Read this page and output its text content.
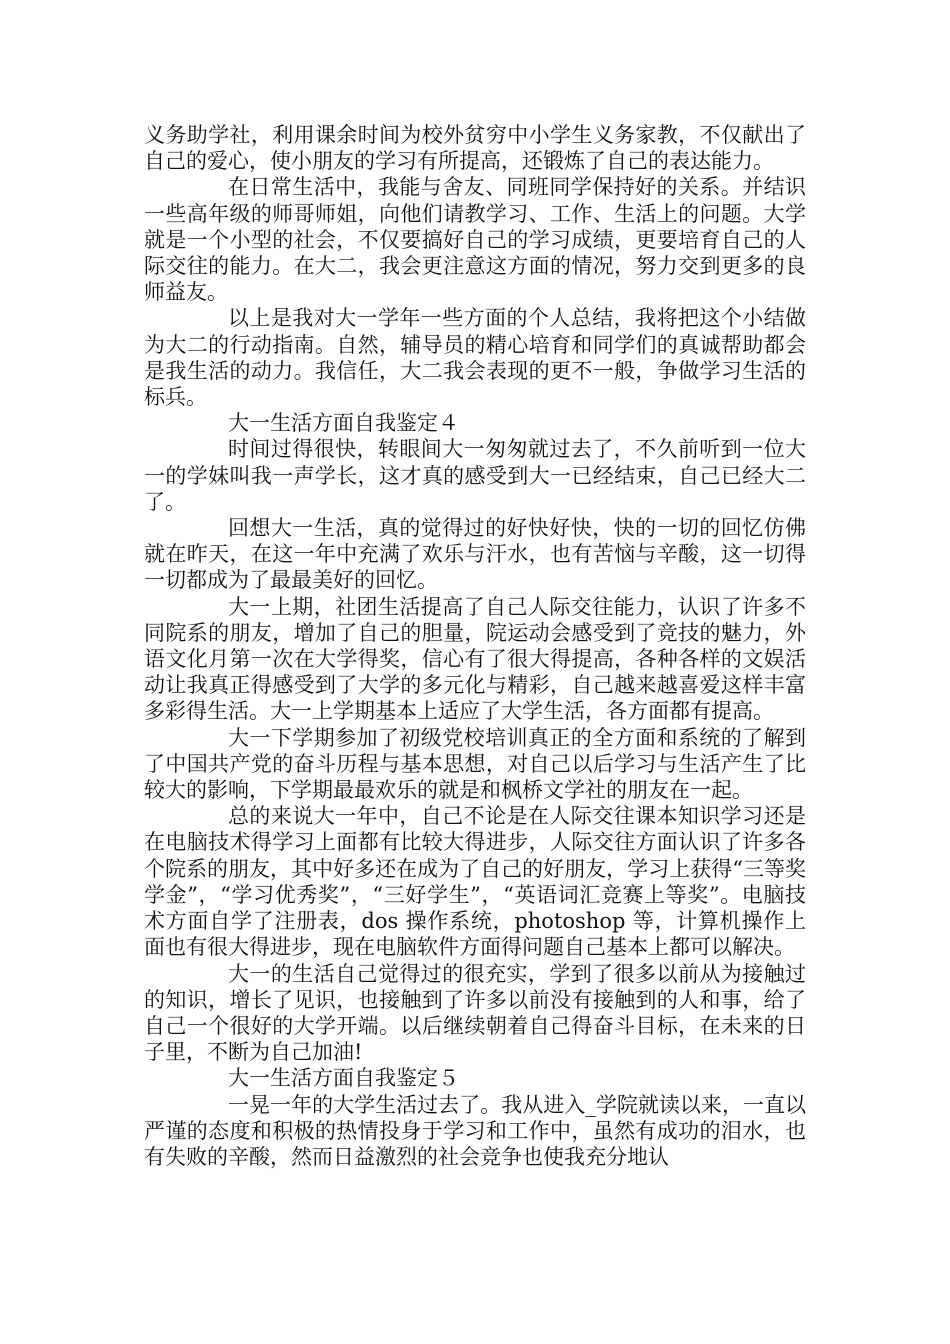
义务助学社，利用课余时间为校外贫穷中小学生义务家教，不仅献出了自己的爱心，使小朋友的学习有所提高，还锻炼了自己的表达能力。

在日常生活中，我能与舍友、同班同学保持好的关系。并结识一些高年级的师哥师姐，向他们请教学习、工作、生活上的问题。大学就是一个小型的社会，不仅要搞好自己的学习成绩，更要培育自己的人际交往的能力。在大二，我会更注意这方面的情况，努力交到更多的良师益友。

以上是我对大一学年一些方面的个人总结，我将把这个小结做为大二的行动指南。自然，辅导员的精心培育和同学们的真诚帮助都会是我生活的动力。我信任，大二我会表现的更不一般，争做学习生活的标兵。

大一生活方面自我鉴定４

时间过得很快，转眼间大一匆匆就过去了，不久前听到一位大一的学妹叫我一声学长，这才真的感受到大一已经结束，自己已经大二了。

回想大一生活，真的觉得过的好快好快，快的一切的回忆仿佛就在昨天，在这一年中充满了欢乐与汗水，也有苦恼与辛酸，这一切得一切都成为了最最美好的回忆。

大一上期，社团生活提高了自己人际交往能力，认识了许多不同院系的朋友，增加了自己的胆量，院运动会感受到了竞技的魅力，外语文化月第一次在大学得奖，信心有了很大得提高，各种各样的文娱活动让我真正得感受到了大学的多元化与精彩，自己越来越喜爱这样丰富多彩得生活。大一上学期基本上适应了大学生活，各方面都有提高。

大一下学期参加了初级党校培训真正的全方面和系统的了解到了中国共产党的奋斗历程与基本思想，对自己以后学习与生活产生了比较大的影响，下学期最最欢乐的就是和枫桥文学社的朋友在一起。

总的来说大一年中，自己不论是在人际交往课本知识学习还是在电脑技术得学习上面都有比较大得进步，人际交往方面认识了许多各个院系的朋友，其中好多还在成为了自己的好朋友，学习上获得“三等奖学金”，“学习优秀奖”，“三好学生”，“英语词汇竞赛上等奖”。电脑技术方面自学了注册表，dos 操作系统，photoshop 等，计算机操作上面也有很大得进步，现在电脑软件方面得问题自己基本上都可以解决。

大一的生活自己觉得过的很充实，学到了很多以前从为接触过的知识，增长了见识，也接触到了许多以前没有接触到的人和事，给了自己一个很好的大学开端。以后继续朝着自己得奋斗目标，在未来的日子里，不断为自己加油!

大一生活方面自我鉴定５

一晃一年的大学生活过去了。我从进入_学院就读以来，一直以严谨的态度和积极的热情投身于学习和工作中，虽然有成功的泪水，也有失败的辛酸，然而日益激烈的社会竞争也使我充分地认
